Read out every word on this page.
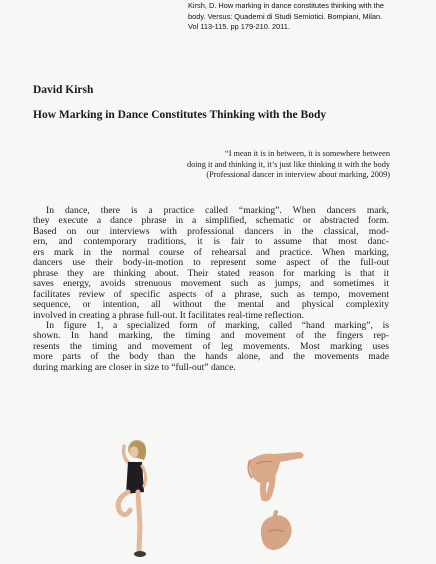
Kirsh, D. How marking in dance constitutes thinking with the
body. Versus: Quaderni di Studi Semiotici. Bompiani, Milan.
Vol 113-115. pp 179-210. 2011.
David Kirsh
How Marking in Dance Constitutes Thinking with the Body
“I mean it is in between, it is somewhere between
doing it and thinking it, it’s just like thinking it with the body
(Professional dancer in interview about marking, 2009)
In dance, there is a practice called “marking”. When dancers mark,
they execute a dance phrase in a simplified, schematic or abstracted form.
Based on our interviews with professional dancers in the classical, mod-
ern, and contemporary traditions, it is fair to assume that most danc-
ers mark in the normal course of rehearsal and practice. When marking,
dancers use their body-in-motion to represent some aspect of the full-out
phrase they are thinking about. Their stated reason for marking is that it
saves energy, avoids strenuous movement such as jumps, and sometimes it
facilitates review of specific aspects of a phrase, such as tempo, movement
sequence, or intention, all without the mental and physical complexity
involved in creating a phrase full-out. It facilitates real-time reflection.
In figure 1, a specialized form of marking, called “hand marking”, is
shown. In hand marking, the timing and movement of the fingers rep-
resents the timing and movement of leg movements. Most marking uses
more parts of the body than the hands alone, and the movements made
during marking are closer in size to “full-out” dance.
